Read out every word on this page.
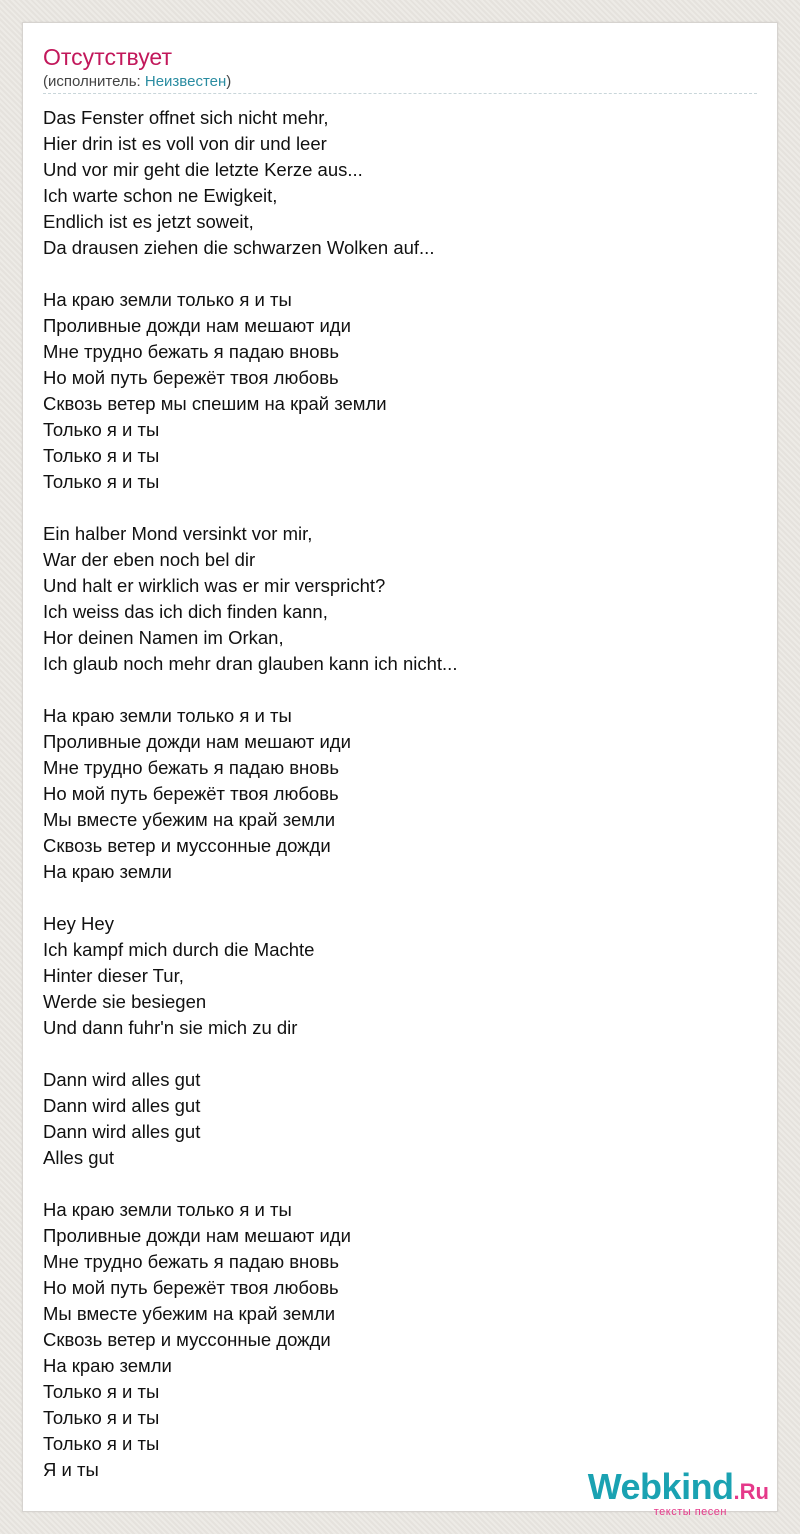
Отсутствует
(исполнитель: Неизвестен)
Das Fenster offnet sich nicht mehr,
Hier drin ist es voll von dir und leer
Und vor mir geht die letzte Kerze aus...
Ich warte schon ne Ewigkeit,
Endlich ist es jetzt soweit,
Da drausen ziehen die schwarzen Wolken auf...
На краю земли только я и ты
Проливные дожди нам мешают иди
Мне трудно бежать я падаю вновь
Но мой путь бережёт твоя любовь
Сквозь ветер мы спешим на край земли
Только я и ты
Только я и ты
Только я и ты
Ein halber Mond versinkt vor mir,
War der eben noch bel dir
Und halt er wirklich was er mir verspricht?
Ich weiss das ich dich finden kann,
Hor deinen Namen im Orkan,
Ich glaub noch mehr dran glauben kann ich nicht...
На краю земли только я и ты
Проливные дожди нам мешают иди
Мне трудно бежать я падаю вновь
Но мой путь бережёт твоя любовь
Мы вместе убежим на край земли
Сквозь ветер и муссонные дожди
На краю земли
Hey Hey
Ich kampf mich durch die Machte
Hinter dieser Tur,
Werde sie besiegen
Und dann fuhr'n sie mich zu dir
Dann wird alles gut
Dann wird alles gut
Dann wird alles gut
Alles gut
На краю земли только я и ты
Проливные дожди нам мешают иди
Мне трудно бежать я падаю вновь
Но мой путь бережёт твоя любовь
Мы вместе убежим на край земли
Сквозь ветер и муссонные дожди
На краю земли
Только я и ты
Только я и ты
Только я и ты
Я и ты	Webkind.Ru
тексты песен
